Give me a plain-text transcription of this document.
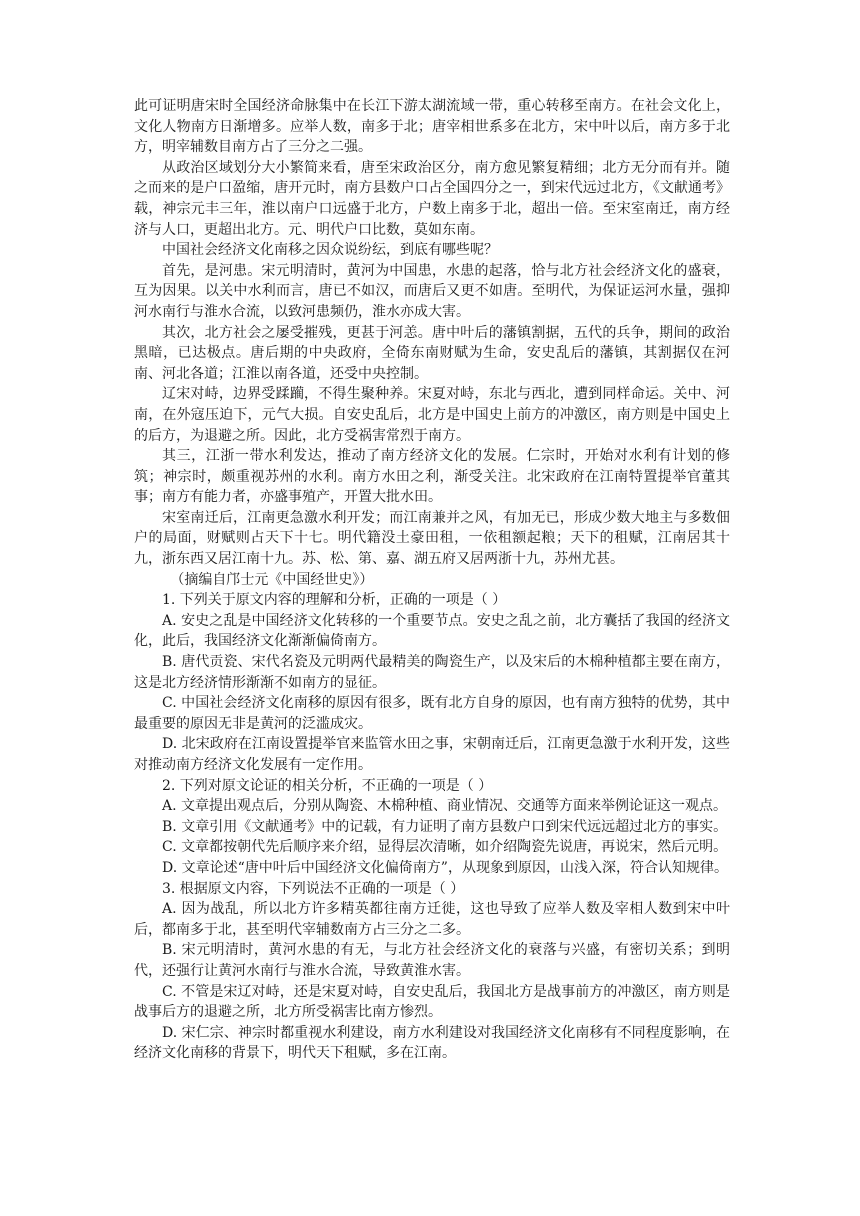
此可证明唐宋时全国经济命脉集中在长江下游太湖流域一带，重心转移至南方。在社会文化上，文化人物南方日渐增多。应举人数，南多于北；唐宰相世系多在北方，宋中叶以后，南方多于北方，明宰辅数目南方占了三分之二强。

从政治区域划分大小繁简来看，唐至宋政治区分，南方愈见繁复精细；北方无分而有并。随之而来的是户口盈缩，唐开元时，南方县数户口占全国四分之一，到宋代远过北方，《文献通考》载，神宗元丰三年，淮以南户口远盛于北方，户数上南多于北，超出一倍。至宋室南迁，南方经济与人口，更超出北方。元、明代户口比数，莫如东南。

中国社会经济文化南移之因众说纷纭，到底有哪些呢？

首先，是河患。宋元明清时，黄河为中国患，水患的起落，恰与北方社会经济文化的盛衰，互为因果。以关中水利而言，唐已不如汉，而唐后又更不如唐。至明代，为保证运河水量，强抑河水南行与淮水合流，以致河患频仍，淮水亦成大害。

其次，北方社会之屡受摧残，更甚于河恙。唐中叶后的藩镇割据，五代的兵争，期间的政治黑暗，已达极点。唐后期的中央政府，全倚东南财赋为生命，安史乱后的藩镇，其割据仅在河南、河北各道；江淮以南各道，还受中央控制。

辽宋对峙，边界受蹂躏，不得生聚种养。宋夏对峙，东北与西北，遭到同样命运。关中、河南，在外寇压迫下，元气大损。自安史乱后，北方是中国史上前方的冲激区，南方则是中国史上的后方，为退避之所。因此，北方受祸害常烈于南方。

其三，江浙一带水利发达，推动了南方经济文化的发展。仁宗时，开始对水利有计划的修筑；神宗时，颇重视苏州的水利。南方水田之利，渐受关注。北宋政府在江南特置提举官董其事；南方有能力者，亦盛事殖产，开置大批水田。

宋室南迁后，江南更急激水利开发；而江南兼并之风，有加无已，形成少数大地主与多数佃户的局面，财赋则占天下十七。明代籍没土豪田租，一依租额起粮；天下的租赋，江南居其十九，浙东西又居江南十九。苏、松、第、嘉、湖五府又居两浙十九，苏州尤甚。

（摘编自邝士元《中国经世史》）

1. 下列关于原文内容的理解和分析，正确的一项是（ ）

A. 安史之乱是中国经济文化转移的一个重要节点。安史之乱之前，北方囊括了我国的经济文化，此后，我国经济文化渐渐偏倚南方。

B. 唐代贡瓷、宋代名瓷及元明两代最精美的陶瓷生产，以及宋后的木棉种植都主要在南方，这是北方经济情形渐渐不如南方的显征。

C. 中国社会经济文化南移的原因有很多，既有北方自身的原因，也有南方独特的优势，其中最重要的原因无非是黄河的泛滥成灾。

D. 北宋政府在江南设置提举官来监管水田之事，宋朝南迁后，江南更急激于水利开发，这些对推动南方经济文化发展有一定作用。

2. 下列对原文论证的相关分析，不正确的一项是（ ）

A. 文章提出观点后，分别从陶瓷、木棉种植、商业情况、交通等方面来举例论证这一观点。

B. 文章引用《文献通考》中的记载，有力证明了南方县数户口到宋代远远超过北方的事实。

C. 文章都按朝代先后顺序来介绍，显得层次清晰，如介绍陶瓷先说唐，再说宋，然后元明。

D. 文章论述“唐中叶后中国经济文化偏倚南方”，从现象到原因，山浅入深，符合认知规律。

3. 根据原文内容，下列说法不正确的一项是（ ）

A. 因为战乱，所以北方许多精英都往南方迁徙，这也导致了应举人数及宰相人数到宋中叶后，都南多于北，甚至明代宰辅数南方占三分之二多。

B. 宋元明清时，黄河水患的有无，与北方社会经济文化的衰落与兴盛，有密切关系；到明代，还强行让黄河水南行与淮水合流，导致黄淮水害。

C. 不管是宋辽对峙，还是宋夏对峙，自安史乱后，我国北方是战事前方的冲激区，南方则是战事后方的退避之所，北方所受祸害比南方惨烈。

D. 宋仁宗、神宗时都重视水利建设，南方水利建设对我国经济文化南移有不同程度影响，在经济文化南移的背景下，明代天下租赋，多在江南。
